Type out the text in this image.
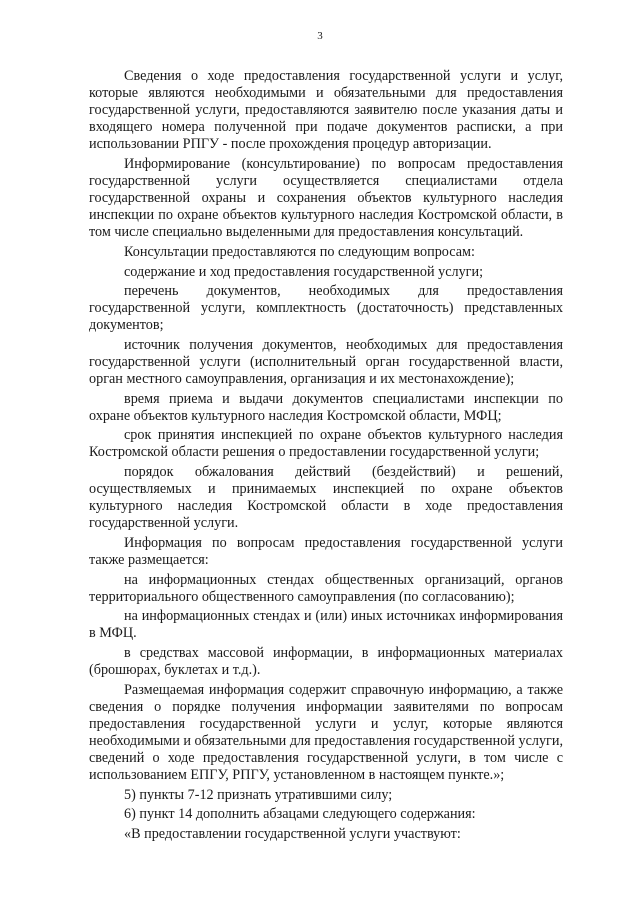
3

Сведения о ходе предоставления государственной услуги и услуг, которые являются необходимыми и обязательными для предоставления государственной услуги, предоставляются заявителю после указания даты и входящего номера полученной при подаче документов расписки, а при использовании РПГУ - после прохождения процедур авторизации.

Информирование (консультирование) по вопросам предоставления государственной услуги осуществляется специалистами отдела государственной охраны и сохранения объектов культурного наследия инспекции по охране объектов культурного наследия Костромской области, в том числе специально выделенными для предоставления консультаций.

Консультации предоставляются по следующим вопросам:

содержание и ход предоставления государственной услуги;

перечень документов, необходимых для предоставления государственной услуги, комплектность (достаточность) представленных документов;

источник получения документов, необходимых для предоставления государственной услуги (исполнительный орган государственной власти, орган местного самоуправления, организация и их местонахождение);

время приема и выдачи документов специалистами инспекции по охране объектов культурного наследия Костромской области, МФЦ;

срок принятия инспекцией по охране объектов культурного наследия Костромской области решения о предоставлении государственной услуги;

порядок обжалования действий (бездействий) и решений, осуществляемых и принимаемых инспекцией по охране объектов культурного наследия Костромской области в ходе предоставления государственной услуги.

Информация по вопросам предоставления государственной услуги также размещается:

на информационных стендах общественных организаций, органов территориального общественного самоуправления (по согласованию);

на информационных стендах и (или) иных источниках информирования в МФЦ.

в средствах массовой информации, в информационных материалах (брошюрах, буклетах и т.д.).

Размещаемая информация содержит справочную информацию, а также сведения о порядке получения информации заявителями по вопросам предоставления государственной услуги и услуг, которые являются необходимыми и обязательными для предоставления государственной услуги, сведений о ходе предоставления государственной услуги, в том числе с использованием ЕПГУ, РПГУ, установленном в настоящем пункте.»;

5) пункты 7-12 признать утратившими силу;

6) пункт 14 дополнить абзацами следующего содержания:

«В предоставлении государственной услуги участвуют:
